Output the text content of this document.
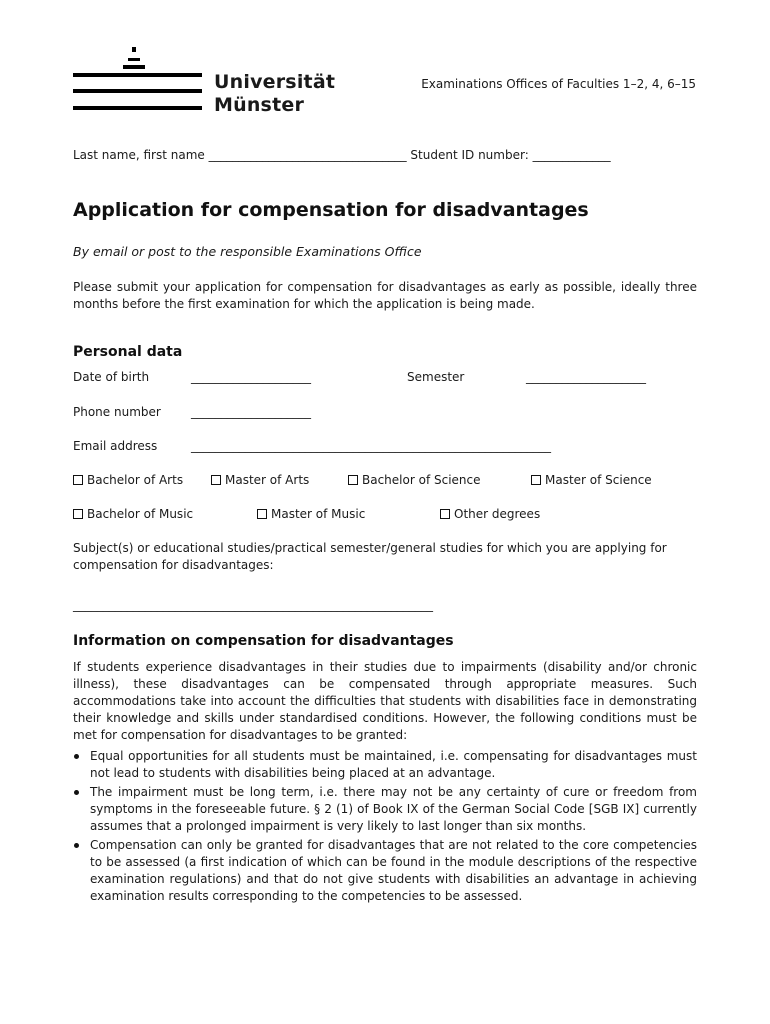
Universität
Münster
Examinations Offices of Faculties 1–2, 4, 6–15
Last name, first name _________________________________ Student ID number: _____________
Application for compensation for disadvantages
By email or post to the responsible Examinations Office
Please submit your application for compensation for disadvantages as early as possible, ideally three months before the first examination for which the application is being made.
Personal data
Date of birth	____________________	Semester	____________________
Phone number	____________________
Email address	____________________________________________________________
Bachelor of Arts	Master of Arts	Bachelor of Science	Master of Science
Bachelor of Music	Master of Music	Other degrees
Subject(s) or educational studies/practical semester/general studies for which you are applying for compensation for disadvantages:
____________________________________________________________
Information on compensation for disadvantages
If students experience disadvantages in their studies due to impairments (disability and/or chronic illness), these disadvantages can be compensated through appropriate measures. Such accommodations take into account the difficulties that students with disabilities face in demonstrating their knowledge and skills under standardised conditions. However, the following conditions must be met for compensation for disadvantages to be granted:
Equal opportunities for all students must be maintained, i.e. compensating for disadvantages must not lead to students with disabilities being placed at an advantage.
The impairment must be long term, i.e. there may not be any certainty of cure or freedom from symptoms in the foreseeable future. § 2 (1) of Book IX of the German Social Code [SGB IX] currently assumes that a prolonged impairment is very likely to last longer than six months.
Compensation can only be granted for disadvantages that are not related to the core competencies to be assessed (a first indication of which can be found in the module descriptions of the respective examination regulations) and that do not give students with disabilities an advantage in achieving examination results corresponding to the competencies to be assessed.
